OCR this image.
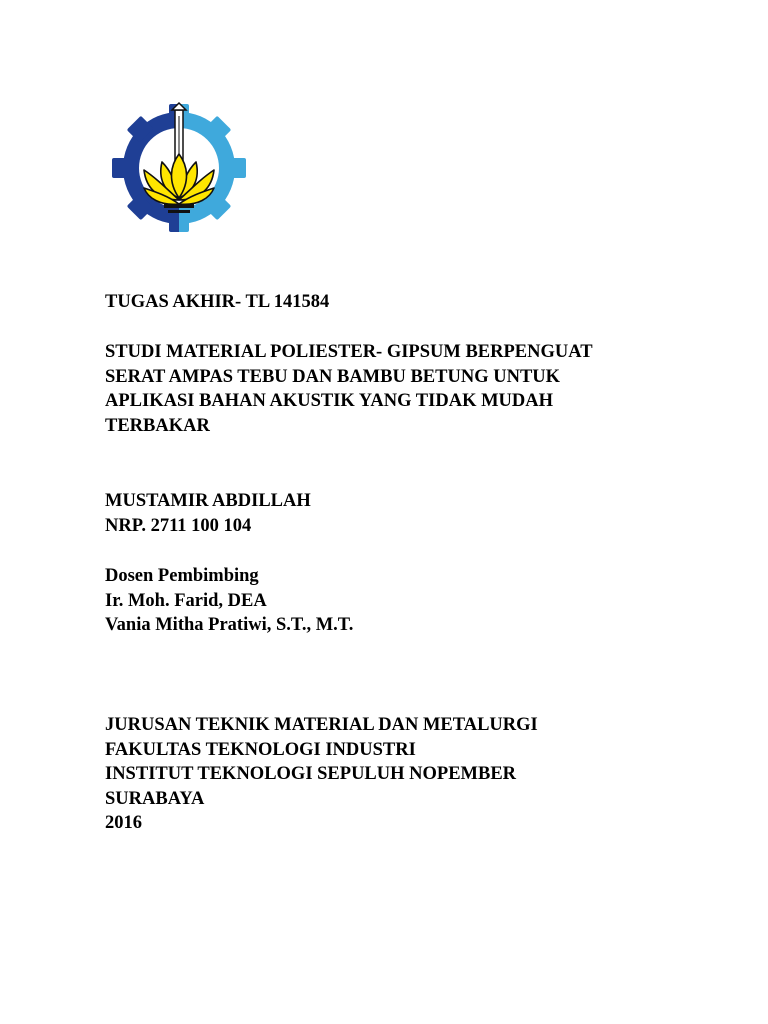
TUGAS AKHIR- TL 141584
STUDI MATERIAL POLIESTER- GIPSUM BERPENGUAT
SERAT AMPAS TEBU DAN BAMBU BETUNG UNTUK
APLIKASI BAHAN AKUSTIK YANG TIDAK MUDAH
TERBAKAR
MUSTAMIR ABDILLAH
NRP. 2711 100 104
Dosen Pembimbing
Ir. Moh. Farid, DEA
Vania Mitha Pratiwi, S.T., M.T.
JURUSAN TEKNIK MATERIAL DAN METALURGI
FAKULTAS TEKNOLOGI INDUSTRI
INSTITUT TEKNOLOGI SEPULUH NOPEMBER
SURABAYA
2016
